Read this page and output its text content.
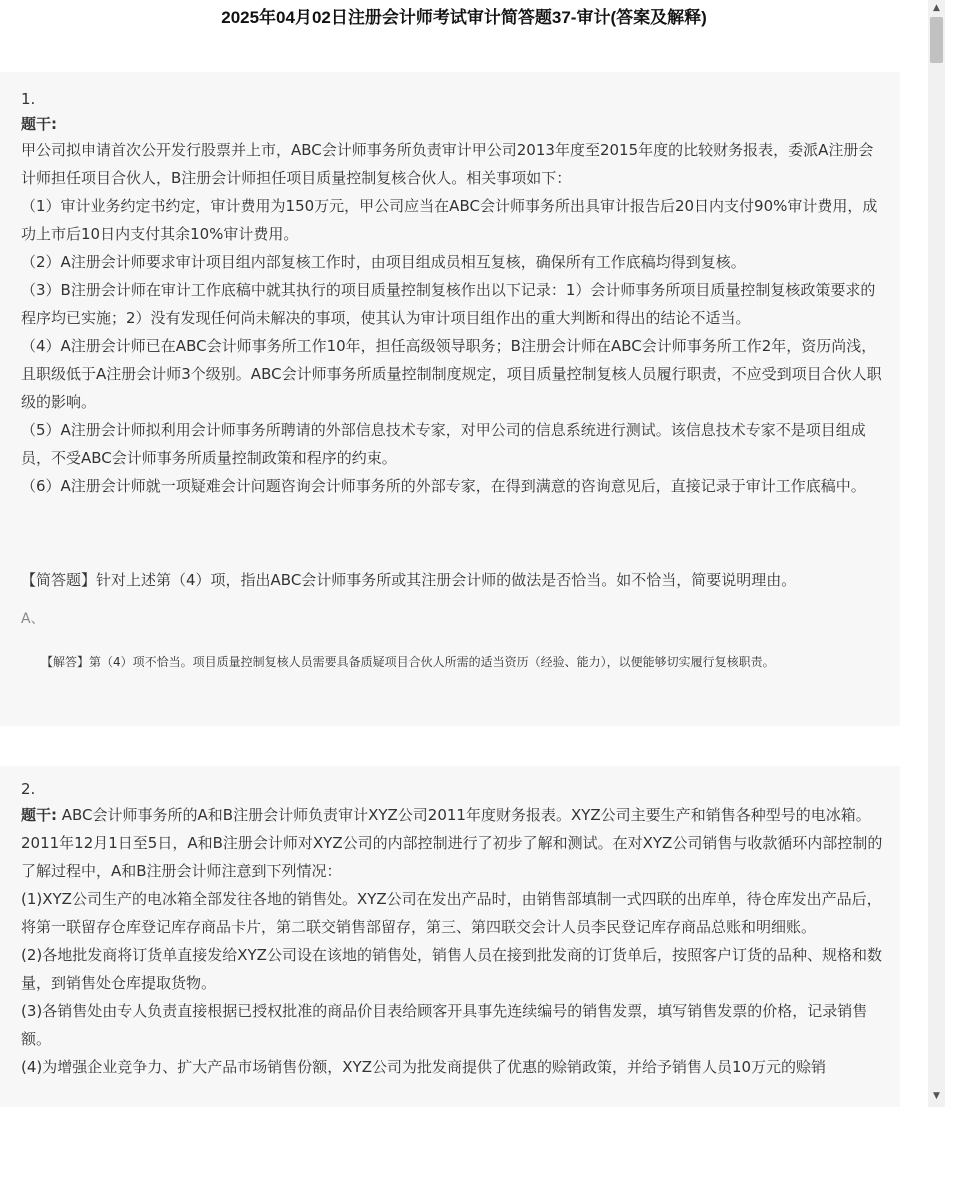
2025年04月02日注册会计师考试审计简答题37-审计(答案及解释)
1.
题干:

甲公司拟申请首次公开发行股票并上市，ABC会计师事务所负责审计甲公司2013年度至2015年度的比较财务报表，委派A注册会计师担任项目合伙人，B注册会计师担任项目质量控制复核合伙人。相关事项如下：

（1）审计业务约定书约定，审计费用为150万元，甲公司应当在ABC会计师事务所出具审计报告后20日内支付90%审计费用，成功上市后10日内支付其余10%审计费用。

（2）A注册会计师要求审计项目组内部复核工作时，由项目组成员相互复核，确保所有工作底稿均得到复核。

（3）B注册会计师在审计工作底稿中就其执行的项目质量控制复核作出以下记录：1）会计师事务所项目质量控制复核政策要求的程序均已实施；2）没有发现任何尚未解决的事项，使其认为审计项目组作出的重大判断和得出的结论不适当。

（4）A注册会计师已在ABC会计师事务所工作10年，担任高级领导职务；B注册会计师在ABC会计师事务所工作2年，资历尚浅，且职级低于A注册会计师3个级别。ABC会计师事务所质量控制制度规定，项目质量控制复核人员履行职责，不应受到项目合伙人职级的影响。

（5）A注册会计师拟利用会计师事务所聘请的外部信息技术专家，对甲公司的信息系统进行测试。该信息技术专家不是项目组成员，不受ABC会计师事务所质量控制政策和程序的约束。

（6）A注册会计师就一项疑难会计问题咨询会计师事务所的外部专家，在得到满意的咨询意见后，直接记录于审计工作底稿中。

【简答题】针对上述第（4）项，指出ABC会计师事务所或其注册会计师的做法是否恰当。如不恰当，简要说明理由。
A、
【解答】第（4）项不恰当。项目质量控制复核人员需要具备质疑项目合伙人所需的适当资历（经验、能力），以便能够切实履行复核职责。
2.

题干: ABC会计师事务所的A和B注册会计师负责审计XYZ公司2011年度财务报表。XYZ公司主要生产和销售各种型号的电冰箱。2011年12月1日至5日，A和B注册会计师对XYZ公司的内部控制进行了初步了解和测试。在对XYZ公司销售与收款循环内部控制的了解过程中，A和B注册会计师注意到下列情况：

(1)XYZ公司生产的电冰箱全部发往各地的销售处。XYZ公司在发出产品时，由销售部填制一式四联的出库单，待仓库发出产品后，将第一联留存仓库登记库存商品卡片，第二联交销售部留存，第三、第四联交会计人员李民登记库存商品总账和明细账。

(2)各地批发商将订货单直接发给XYZ公司设在该地的销售处，销售人员在接到批发商的订货单后，按照客户订货的品种、规格和数量，到销售处仓库提取货物。

(3)各销售处由专人负责直接根据已授权批准的商品价目表给顾客开具事先连续编号的销售发票，填写销售发票的价格，记录销售额。

(4)为增强企业竞争力、扩大产品市场销售份额，XYZ公司为批发商提供了优惠的赊销政策，并给予销售人员10万元的赊销

▲
▼
